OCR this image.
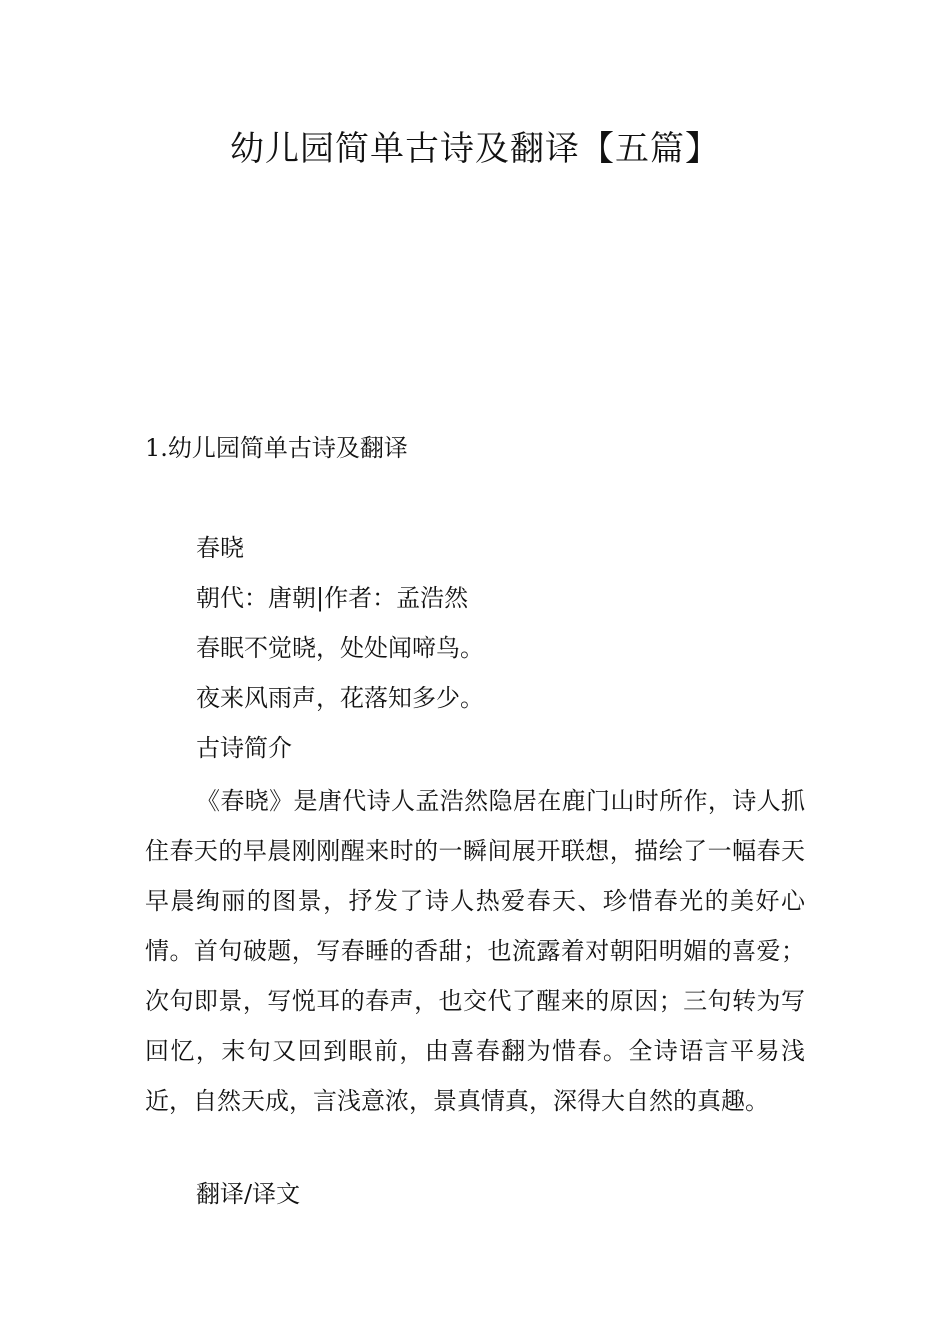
幼儿园简单古诗及翻译【五篇】
1.幼儿园简单古诗及翻译

春晓

朝代：唐朝|作者：孟浩然

春眠不觉晓，处处闻啼鸟。

夜来风雨声，花落知多少。

古诗简介

《春晓》是唐代诗人孟浩然隐居在鹿门山时所作，诗人抓住春天的早晨刚刚醒来时的一瞬间展开联想，描绘了一幅春天早晨绚丽的图景，抒发了诗人热爱春天、珍惜春光的美好心情。首句破题，写春睡的香甜；也流露着对朝阳明媚的喜爱；次句即景，写悦耳的春声，也交代了醒来的原因；三句转为写回忆，末句又回到眼前，由喜春翻为惜春。全诗语言平易浅近，自然天成，言浅意浓，景真情真，深得大自然的真趣。

翻译/译文
